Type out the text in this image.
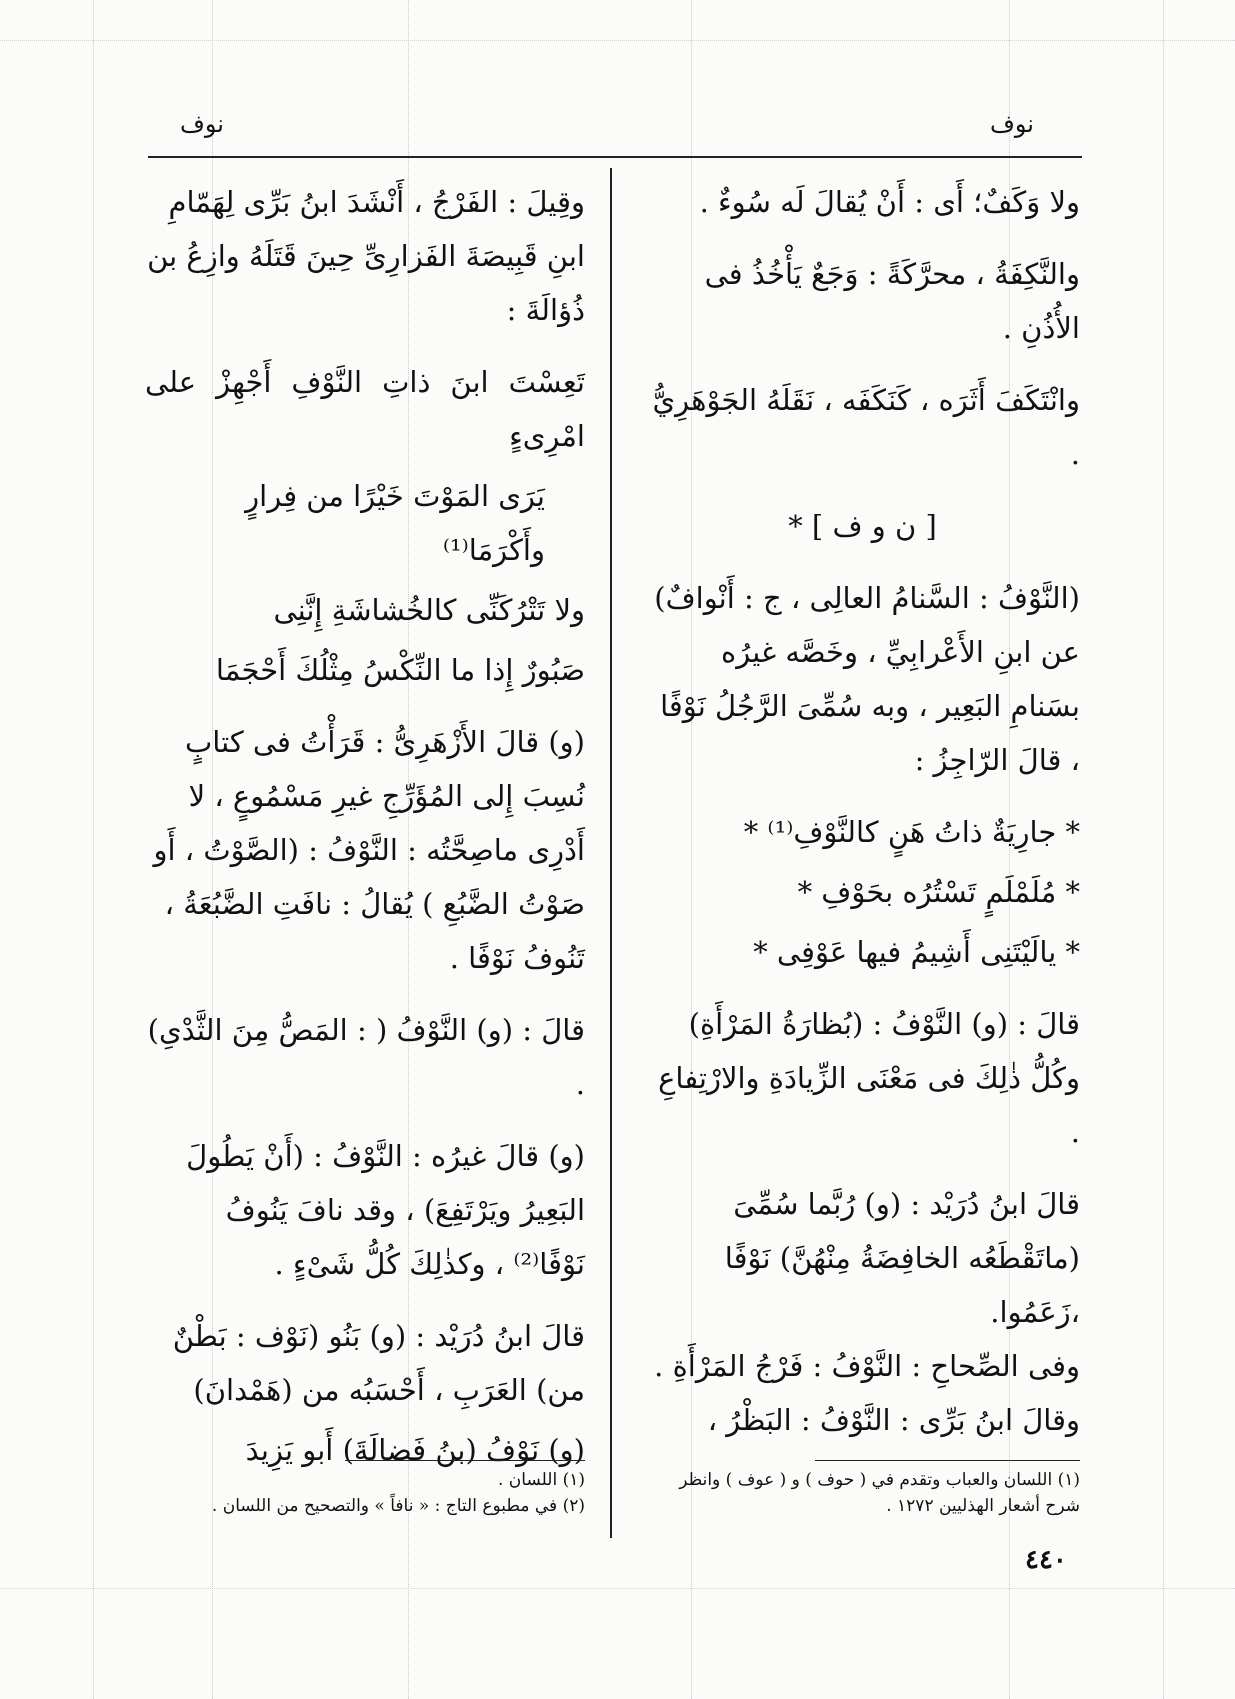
نوف
نوف

ولا وَكَفٌ؛ أَى : أَنْ يُقالَ لَه سُوءٌ .

والنَّكِفَةُ ، محرَّكَةً : وَجَعٌ يَأْخُذُ فى الأُذُنِ .

وانْتَكَفَ أَثَرَه ، كَنَكَفَه ، نَقَلَهُ الجَوْهَرِيُّ .

[ ن و ف ] *

(النَّوْفُ : السَّنامُ العالِى ، ج : أَنْوافٌ) عن ابنِ الأَعْرابِيِّ ، وخَصَّه غيرُه بسَنامِ البَعِير ، وبه سُمِّىَ الرَّجُلُ نَوْفًا ، قالَ الرّاجِزُ :

* جارِيَةٌ ذاتُ هَنٍ كالنَّوْفِ⁽¹⁾ *

* مُلَمْلَمٍ تَسْتُرُه بحَوْفِ *

* يالَيْتَنِى أَشِيمُ فيها عَوْفِى *

قالَ : (و) النَّوْفُ : (بُظارَةُ المَرْأَةِ) وكُلُّ ذٰلِكَ فى مَعْنَى الزِّيادَةِ والارْتِفاعِ .

قالَ ابنُ دُرَيْد : (و) رُبَّما سُمِّىَ (ماتَقْطَعُه الخافِضَةُ مِنْهُنَّ) نَوْفًا ،زَعَمُوا.

وفى الصِّحاحِ : النَّوْفُ : فَرْجُ المَرْأَةِ .

وقالَ ابنُ بَرِّى : النَّوْفُ : البَظْرُ ،

وقِيلَ : الفَرْجُ ، أَنْشَدَ ابنُ بَرِّى لِهَمّامِ ابنِ قَبِيصَةَ الفَزارِىِّ حِينَ قَتَلَهُ وازِعُ بن ذُؤالَةَ :

تَعِسْتَ ابنَ ذاتِ النَّوْفِ أَجْهِزْ على امْرِىءٍ

يَرَى المَوْتَ خَيْرًا من فِرارٍ وأَكْرَمَا⁽¹⁾

ولا تَتْرُكَنِّى كالخُشاشَةِ إِنَّنِى

صَبُورٌ إِذا ما النِّكْسُ مِثْلُكَ أَحْجَمَا

(و) قالَ الأَزْهَرِىُّ : قَرَأْتُ فى كتابٍ نُسِبَ إِلى المُؤَرِّجِ غيرِ مَسْمُوعٍ ، لا أَدْرِى ماصِحَّتُه : النَّوْفُ : (الصَّوْتُ ، أَو صَوْتُ الضَّبُعِ ) يُقالُ : نافَتِ الضَّبُعَةُ ، تَنُوفُ نَوْفًا .

قالَ : (و) النَّوْفُ ( : المَصُّ مِنَ الثَّدْىِ) .

(و) قالَ غيرُه : النَّوْفُ : (أَنْ يَطُولَ البَعِيرُ ويَرْتَفِعَ) ، وقد نافَ يَنُوفُ نَوْفًا⁽²⁾ ، وكذٰلِكَ كُلُّ شَىْءٍ .

قالَ ابنُ دُرَيْد : (و) بَنُو (نَوْف : بَطْنٌ من) العَرَبِ ، أَحْسَبُه من (هَمْدانَ)

(و) نَوْفُ (بنُ فَضالَةَ) أَبو يَزِيدَ

(١) اللسان والعباب وتقدم في ( حوف ) و ( عوف ) وانظر شرح أشعار الهذليين ١٢٧٢ .
(١) اللسان .
(٢) في مطبوع التاج : « نافاً » والتصحيح من اللسان .
٤٤٠
